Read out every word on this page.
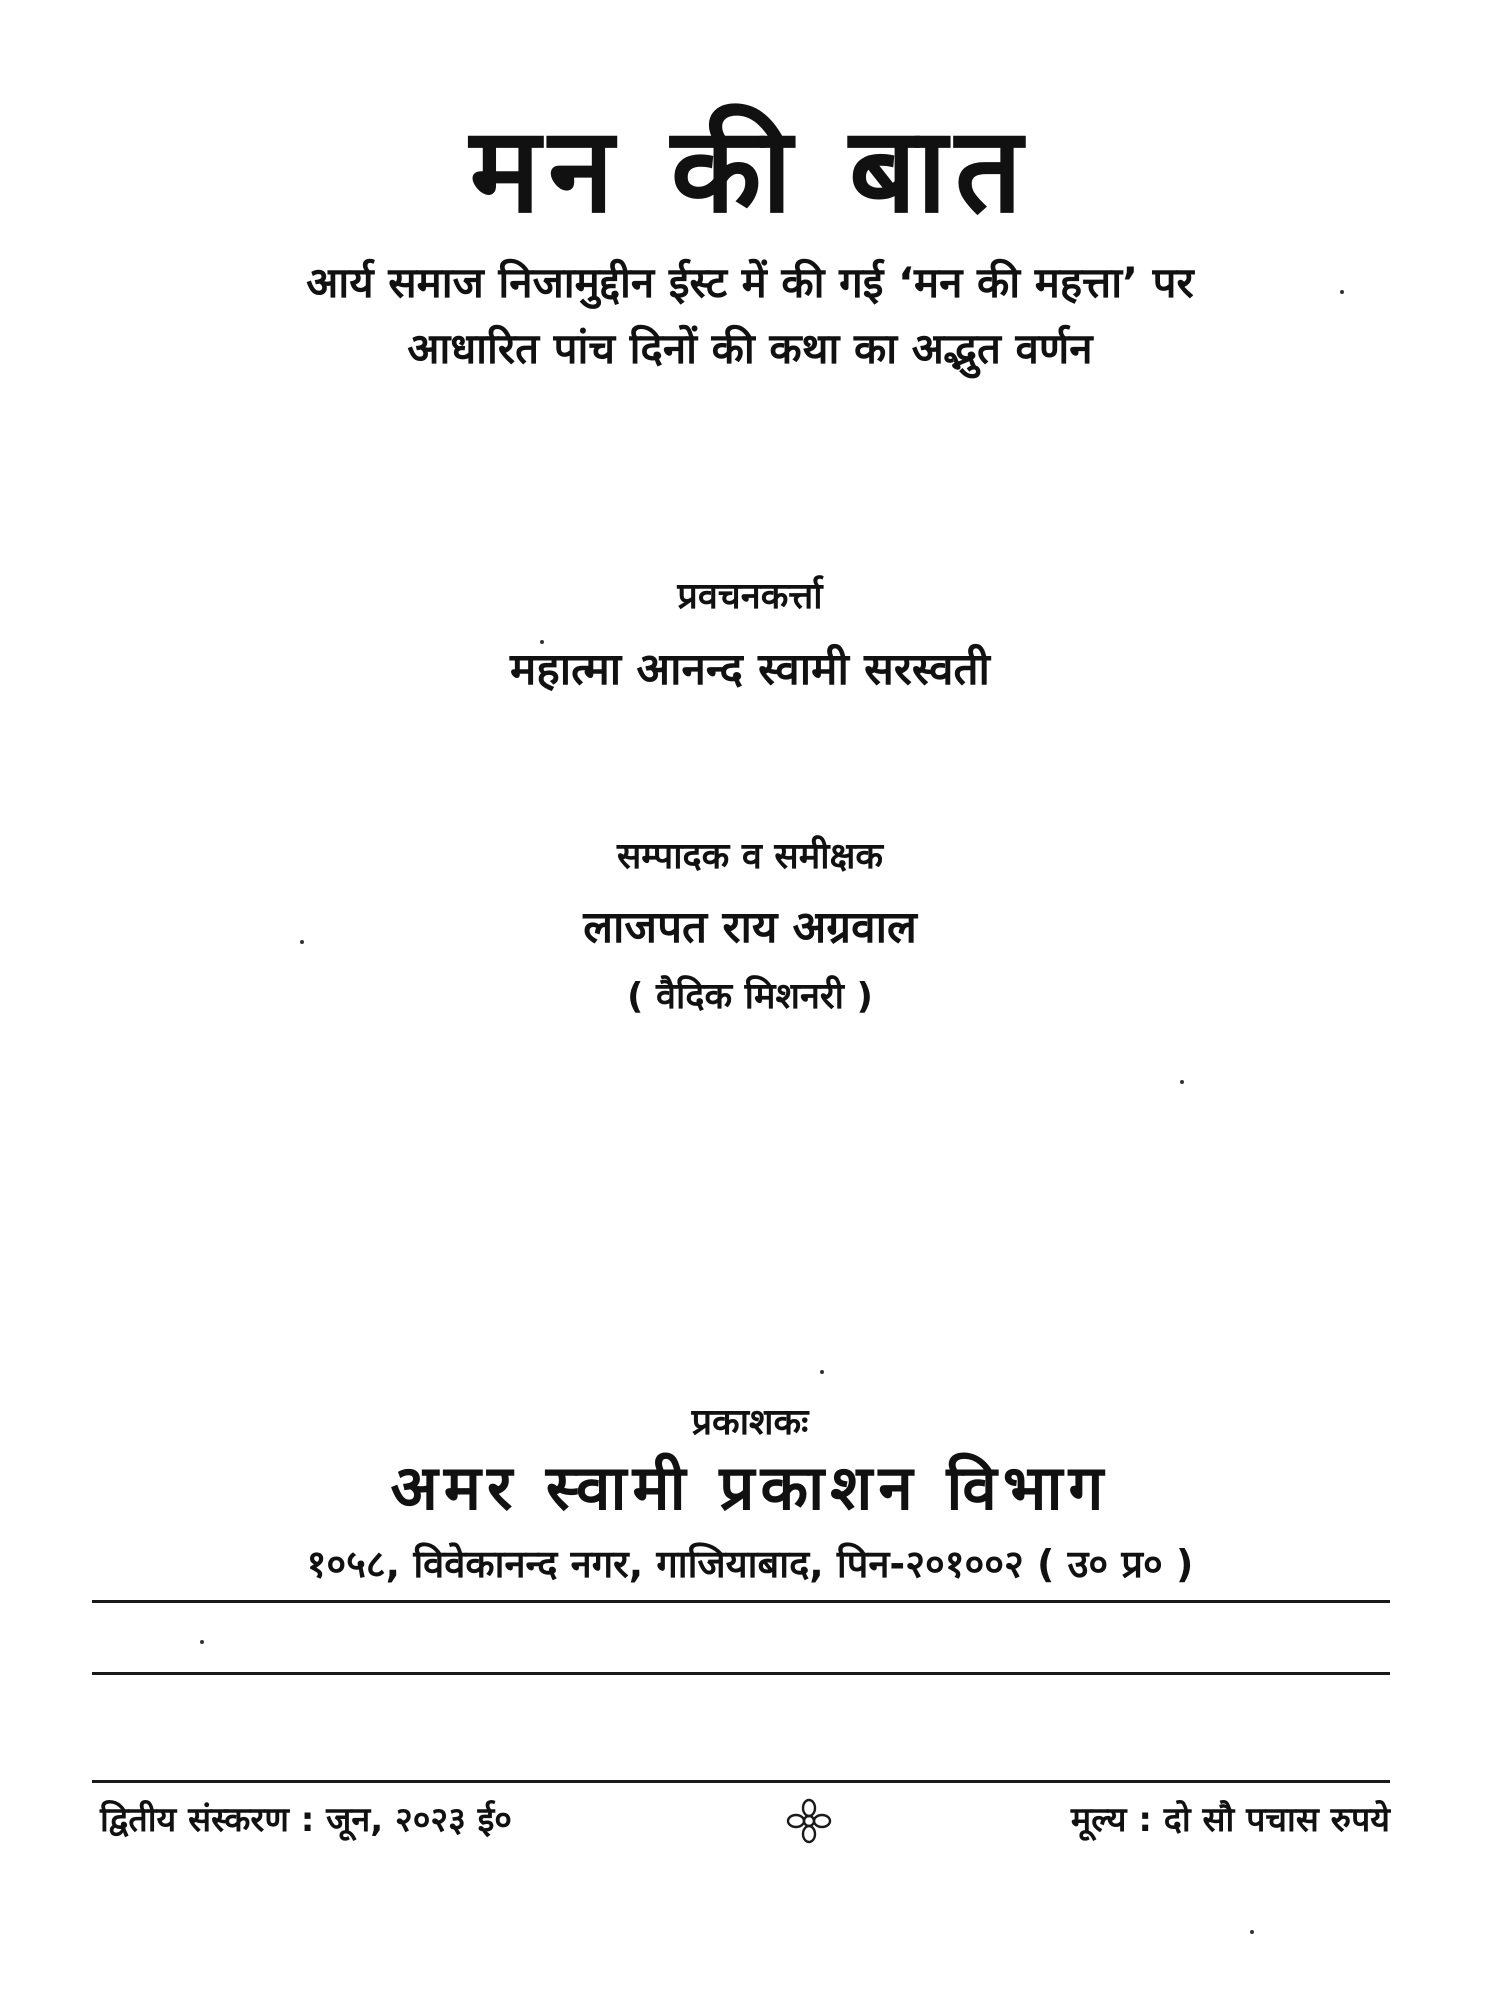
मन की बात
आर्य समाज निजामुद्दीन ईस्ट में की गई ‘मन की महत्ता’ पर
आधारित पांच दिनों की कथा का अद्भुत वर्णन
प्रवचनकर्त्ता
महात्मा आनन्द स्वामी सरस्वती
सम्पादक व समीक्षक
लाजपत राय अग्रवाल
( वैदिक मिशनरी )
प्रकाशकः
अमर स्वामी प्रकाशन विभाग
१०५८, विवेकानन्द नगर, गाजियाबाद, पिन-२०१००२ ( उ० प्र० )
द्वितीय संस्करण : जून, २०२३ ई०	मूल्य : दो सौ पचास रुपये
